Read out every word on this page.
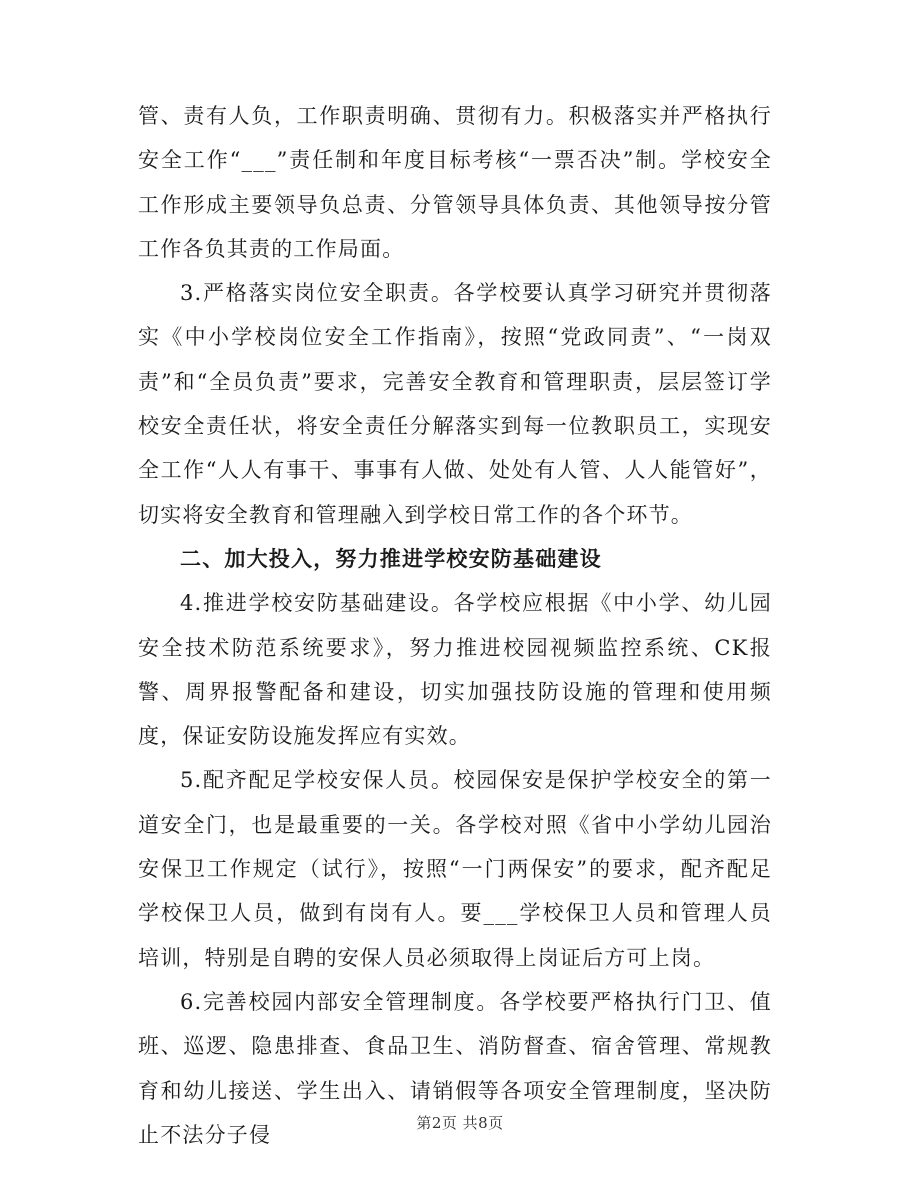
管、责有人负，工作职责明确、贯彻有力。积极落实并严格执行安全工作“___”责任制和年度目标考核“一票否决”制。学校安全工作形成主要领导负总责、分管领导具体负责、其他领导按分管工作各负其责的工作局面。

3.严格落实岗位安全职责。各学校要认真学习研究并贯彻落实《中小学校岗位安全工作指南》，按照“党政同责”、“一岗双责”和“全员负责”要求，完善安全教育和管理职责，层层签订学校安全责任状，将安全责任分解落实到每一位教职员工，实现安全工作“人人有事干、事事有人做、处处有人管、人人能管好”，切实将安全教育和管理融入到学校日常工作的各个环节。

二、加大投入，努力推进学校安防基础建设

4.推进学校安防基础建设。各学校应根据《中小学、幼儿园安全技术防范系统要求》，努力推进校园视频监控系统、CK报警、周界报警配备和建设，切实加强技防设施的管理和使用频度，保证安防设施发挥应有实效。

5.配齐配足学校安保人员。校园保安是保护学校安全的第一道安全门，也是最重要的一关。各学校对照《省中小学幼儿园治安保卫工作规定（试行》，按照“一门两保安”的要求，配齐配足学校保卫人员，做到有岗有人。要___学校保卫人员和管理人员培训，特别是自聘的安保人员必须取得上岗证后方可上岗。

6.完善校园内部安全管理制度。各学校要严格执行门卫、值班、巡逻、隐患排查、食品卫生、消防督查、宿舍管理、常规教育和幼儿接送、学生出入、请销假等各项安全管理制度，坚决防止不法分子侵	第2页 共8页
